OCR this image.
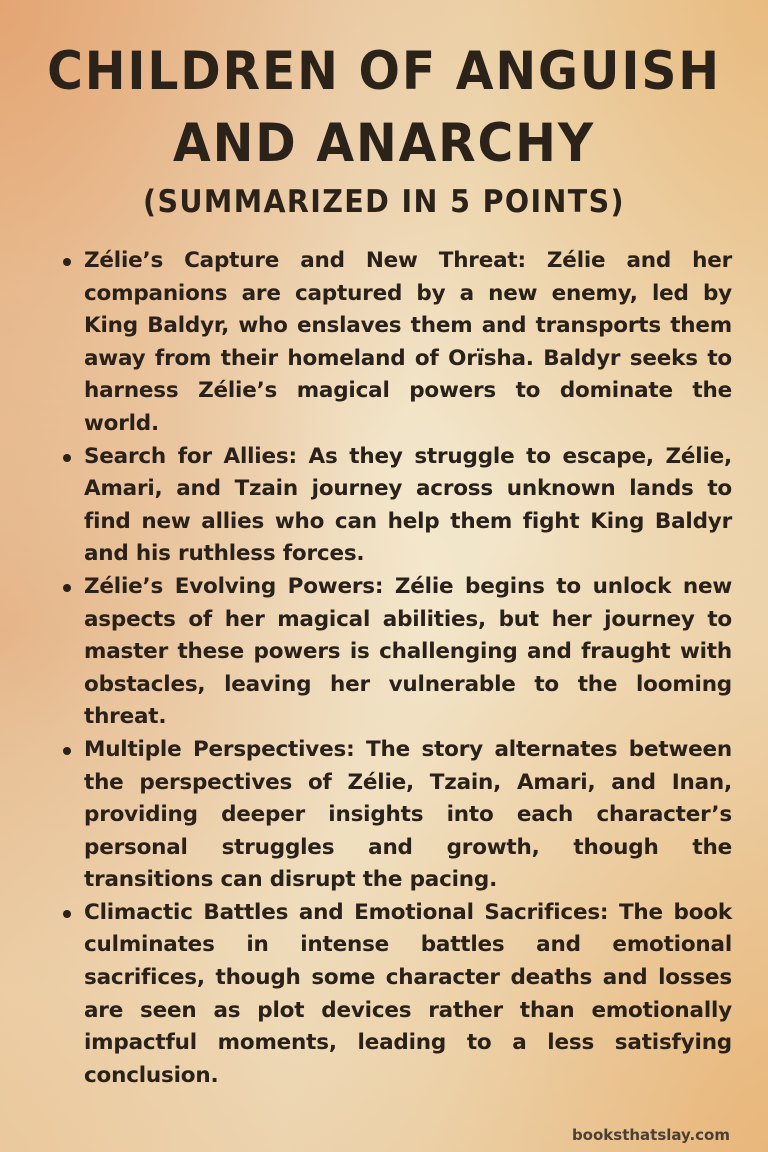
CHILDREN OF ANGUISH
AND ANARCHY
(SUMMARIZED IN 5 POINTS)
Zélie’s Capture and New Threat: Zélie and her companions are captured by a new enemy, led by King Baldyr, who enslaves them and transports them away from their homeland of Orïsha. Baldyr seeks to harness Zélie’s magical powers to dominate the world.
Search for Allies: As they struggle to escape, Zélie, Amari, and Tzain journey across unknown lands to find new allies who can help them fight King Baldyr and his ruthless forces.
Zélie’s Evolving Powers: Zélie begins to unlock new aspects of her magical abilities, but her journey to master these powers is challenging and fraught with obstacles, leaving her vulnerable to the looming threat.
Multiple Perspectives: The story alternates between the perspectives of Zélie, Tzain, Amari, and Inan, providing deeper insights into each character’s personal struggles and growth, though the transitions can disrupt the pacing.
Climactic Battles and Emotional Sacrifices: The book culminates in intense battles and emotional sacrifices, though some character deaths and losses are seen as plot devices rather than emotionally impactful moments, leading to a less satisfying conclusion.
booksthatslay.com
